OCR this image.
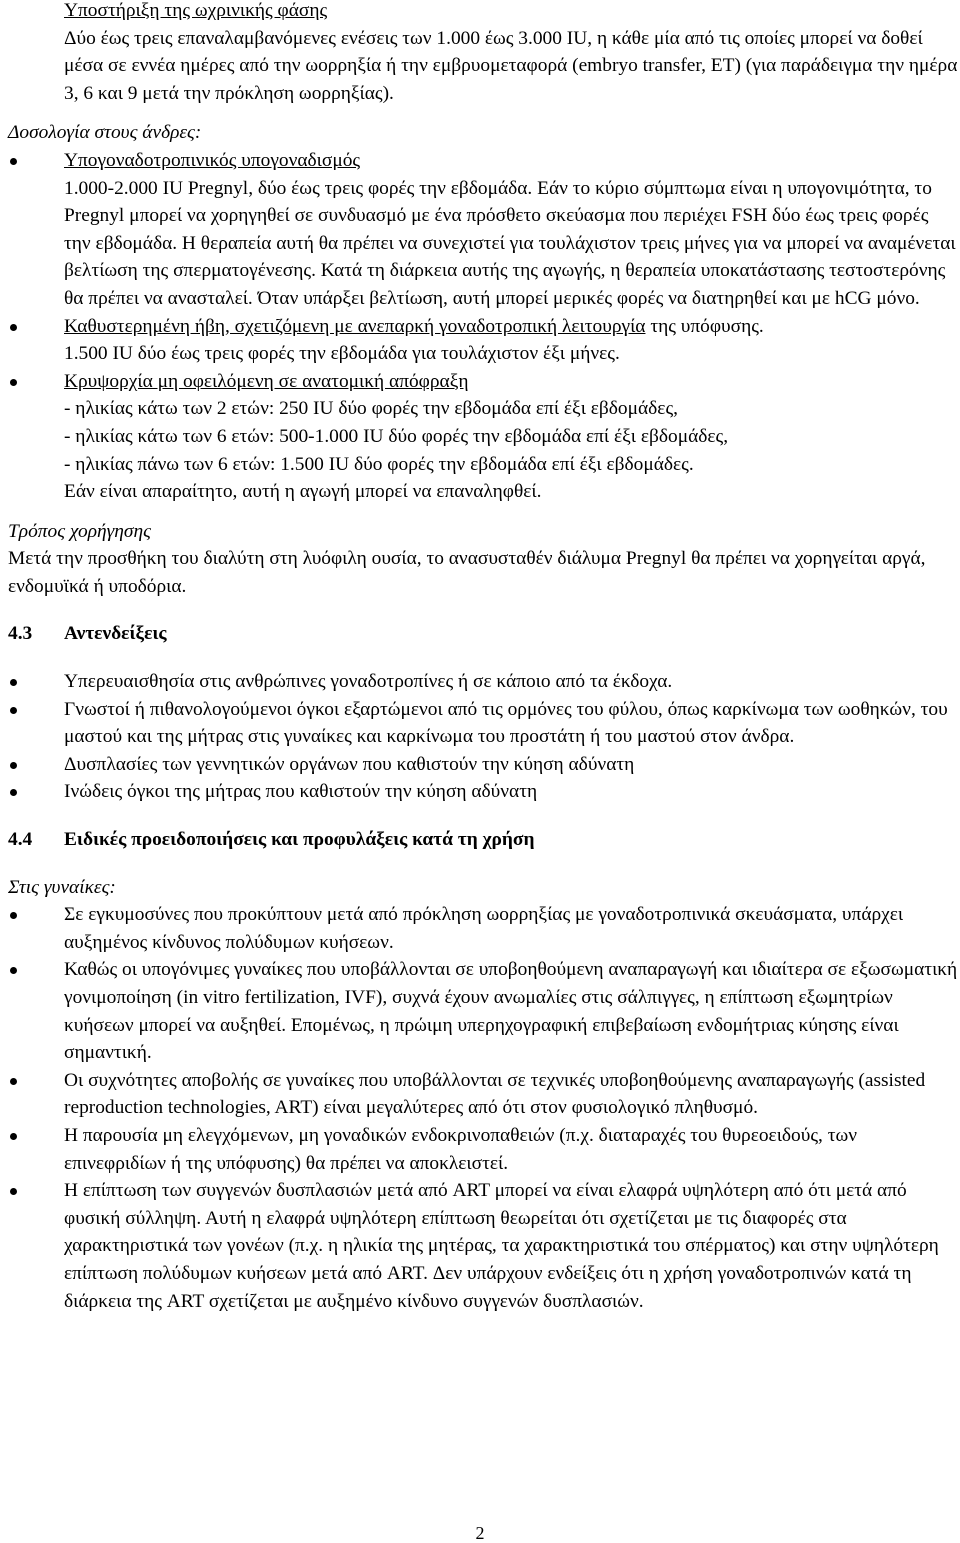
Υποστήριξη της ωχρινικής φάσης

Δύο έως τρεις επαναλαμβανόμενες ενέσεις των 1.000 έως 3.000 IU, η κάθε μία από τις οποίες μπορεί να δοθεί μέσα σε εννέα ημέρες από την ωορρηξία ή την εμβρυομεταφορά (embryo transfer, ET) (για παράδειγμα την ημέρα 3, 6 και 9 μετά την πρόκληση ωορρηξίας).

Δοσολογία στους άνδρες:

Υπογοναδοτροπινικός υπογοναδισμός

1.000-2.000 IU Pregnyl, δύο έως τρεις φορές την εβδομάδα. Εάν το κύριο σύμπτωμα είναι η υπογονιμότητα, το Pregnyl μπορεί να χορηγηθεί σε συνδυασμό με ένα πρόσθετο σκεύασμα που περιέχει FSH δύο έως τρεις φορές την εβδομάδα. Η θεραπεία αυτή θα πρέπει να συνεχιστεί για τουλάχιστον τρεις μήνες για να μπορεί να αναμένεται βελτίωση της σπερματογένεσης. Κατά τη διάρκεια αυτής της αγωγής, η θεραπεία υποκατάστασης τεστοστερόνης θα πρέπει να ανασταλεί. Όταν υπάρξει βελτίωση, αυτή μπορεί μερικές φορές να διατηρηθεί και με hCG μόνο.

Καθυστερημένη ήβη, σχετιζόμενη με ανεπαρκή γοναδοτροπική λειτουργία της υπόφυσης.

1.500 IU δύο έως τρεις φορές την εβδομάδα για τουλάχιστον έξι μήνες.

Κρυψορχία μη οφειλόμενη σε ανατομική απόφραξη

- ηλικίας κάτω των 2 ετών: 250 IU δύο φορές την εβδομάδα επί έξι εβδομάδες,

- ηλικίας κάτω των 6 ετών: 500-1.000 IU δύο φορές την εβδομάδα επί έξι εβδομάδες,

- ηλικίας πάνω των 6 ετών: 1.500 IU δύο φορές την εβδομάδα επί έξι εβδομάδες.

Εάν είναι απαραίτητο, αυτή η αγωγή μπορεί να επαναληφθεί.

Τρόπος χορήγησης

Μετά την προσθήκη του διαλύτη στη λυόφιλη ουσία, το ανασυσταθέν διάλυμα Pregnyl θα πρέπει να χορηγείται αργά, ενδομυϊκά ή υποδόρια.

4.3	Αντενδείξεις

Υπερευαισθησία στις ανθρώπινες γοναδοτροπίνες ή σε κάποιο από τα έκδοχα.

Γνωστοί ή πιθανολογούμενοι όγκοι εξαρτώμενοι από τις ορμόνες του φύλου, όπως καρκίνωμα των ωοθηκών, του μαστού και της μήτρας στις γυναίκες και καρκίνωμα του προστάτη ή του μαστού στον άνδρα.

Δυσπλασίες των γεννητικών οργάνων που καθιστούν την κύηση αδύνατη

Ινώδεις όγκοι της μήτρας που καθιστούν την κύηση αδύνατη

4.4	Ειδικές προειδοποιήσεις και προφυλάξεις κατά τη χρήση

Στις γυναίκες:

Σε εγκυμοσύνες που προκύπτουν μετά από πρόκληση ωορρηξίας με γοναδοτροπινικά σκευάσματα, υπάρχει αυξημένος κίνδυνος πολύδυμων κυήσεων.

Καθώς οι υπογόνιμες γυναίκες που υποβάλλονται σε υποβοηθούμενη αναπαραγωγή και ιδιαίτερα σε εξωσωματική γονιμοποίηση (in vitro fertilization, IVF), συχνά έχουν ανωμαλίες στις σάλπιγγες, η επίπτωση εξωμητρίων κυήσεων μπορεί να αυξηθεί. Επομένως, η πρώιμη υπερηχογραφική επιβεβαίωση ενδομήτριας κύησης είναι σημαντική.

Οι συχνότητες αποβολής σε γυναίκες που υποβάλλονται σε τεχνικές υποβοηθούμενης αναπαραγωγής (assisted reproduction technologies, ART) είναι μεγαλύτερες από ότι στον φυσιολογικό πληθυσμό.

Η παρουσία μη ελεγχόμενων, μη γοναδικών ενδοκρινοπαθειών (π.χ. διαταραχές του θυρεοειδούς, των επινεφριδίων ή της υπόφυσης) θα πρέπει να αποκλειστεί.

Η επίπτωση των συγγενών δυσπλασιών μετά από ART μπορεί να είναι ελαφρά υψηλότερη από ότι μετά από φυσική σύλληψη. Αυτή η ελαφρά υψηλότερη επίπτωση θεωρείται ότι σχετίζεται με τις διαφορές στα χαρακτηριστικά των γονέων (π.χ. η ηλικία της μητέρας, τα χαρακτηριστικά του σπέρματος) και στην υψηλότερη επίπτωση πολύδυμων κυήσεων μετά από ART. Δεν υπάρχουν ενδείξεις ότι η χρήση γοναδοτροπινών κατά τη διάρκεια της ART σχετίζεται με αυξημένο κίνδυνο συγγενών δυσπλασιών.

2
